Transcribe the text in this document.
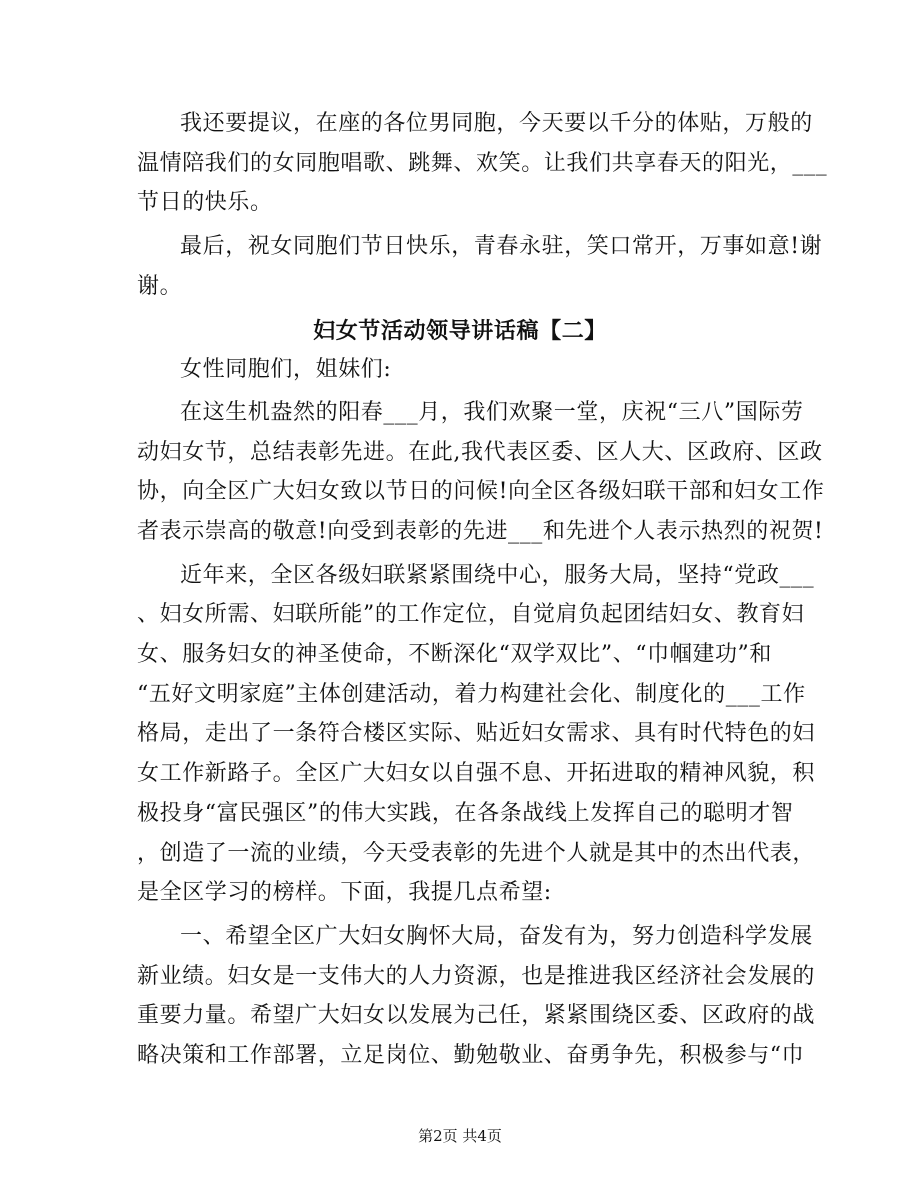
我还要提议，在座的各位男同胞，今天要以千分的体贴，万般的
温情陪我们的女同胞唱歌、跳舞、欢笑。让我们共享春天的阳光，___
节日的快乐。
最后，祝女同胞们节日快乐，青春永驻，笑口常开，万事如意!谢
谢。
妇女节活动领导讲话稿【二】
女性同胞们，姐妹们:
在这生机盎然的阳春___月，我们欢聚一堂，庆祝“三八”国际劳
动妇女节，总结表彰先进。在此,我代表区委、区人大、区政府、区政
协，向全区广大妇女致以节日的问候!向全区各级妇联干部和妇女工作
者表示崇高的敬意!向受到表彰的先进___和先进个人表示热烈的祝贺!
近年来，全区各级妇联紧紧围绕中心，服务大局，坚持“党政___
、妇女所需、妇联所能”的工作定位，自觉肩负起团结妇女、教育妇
女、服务妇女的神圣使命，不断深化“双学双比”、“巾帼建功”和
“五好文明家庭”主体创建活动，着力构建社会化、制度化的___工作
格局，走出了一条符合楼区实际、贴近妇女需求、具有时代特色的妇
女工作新路子。全区广大妇女以自强不息、开拓进取的精神风貌，积
极投身“富民强区”的伟大实践，在各条战线上发挥自己的聪明才智
，创造了一流的业绩，今天受表彰的先进个人就是其中的杰出代表，
是全区学习的榜样。下面，我提几点希望:
一、希望全区广大妇女胸怀大局，奋发有为，努力创造科学发展
新业绩。妇女是一支伟大的人力资源，也是推进我区经济社会发展的
重要力量。希望广大妇女以发展为己任，紧紧围绕区委、区政府的战
略决策和工作部署，立足岗位、勤勉敬业、奋勇争先，积极参与“巾
第2页 共4页
